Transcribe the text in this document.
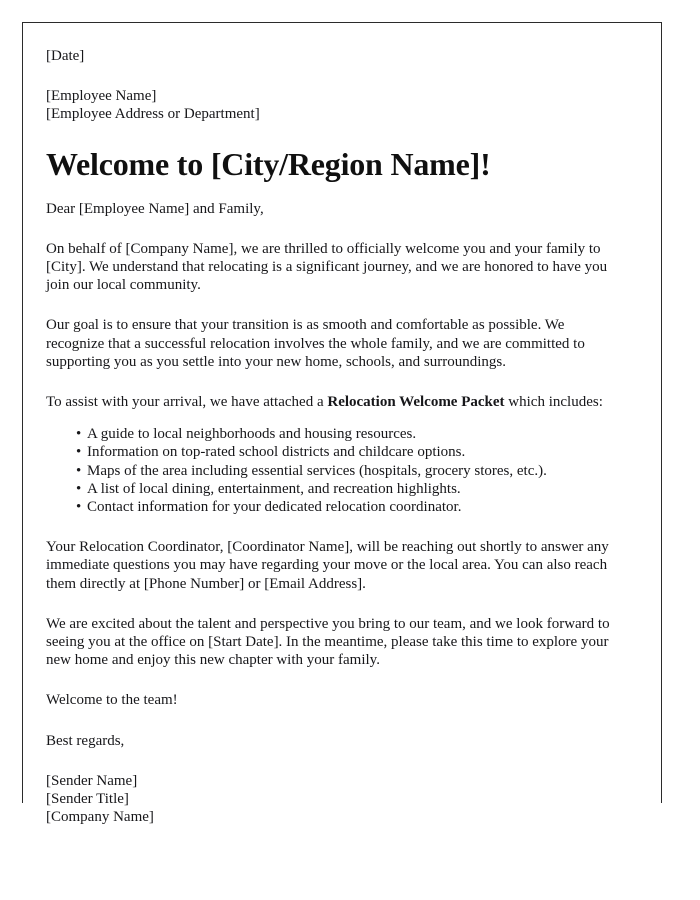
[Date]

[Employee Name]

[Employee Address or Department]

Welcome to [City/Region Name]!

Dear [Employee Name] and Family,

On behalf of [Company Name], we are thrilled to officially welcome you and your family to [City]. We understand that relocating is a significant journey, and we are honored to have you join our local community.

Our goal is to ensure that your transition is as smooth and comfortable as possible. We recognize that a successful relocation involves the whole family, and we are committed to supporting you as you settle into your new home, schools, and surroundings.

To assist with your arrival, we have attached a Relocation Welcome Packet which includes:

• A guide to local neighborhoods and housing resources.
• Information on top-rated school districts and childcare options.
• Maps of the area including essential services (hospitals, grocery stores, etc.).
• A list of local dining, entertainment, and recreation highlights.
• Contact information for your dedicated relocation coordinator.

Your Relocation Coordinator, [Coordinator Name], will be reaching out shortly to answer any immediate questions you may have regarding your move or the local area. You can also reach them directly at [Phone Number] or [Email Address].

We are excited about the talent and perspective you bring to our team, and we look forward to seeing you at the office on [Start Date]. In the meantime, please take this time to explore your new home and enjoy this new chapter with your family.

Welcome to the team!

Best regards,

[Sender Name]

[Sender Title]

[Company Name]
